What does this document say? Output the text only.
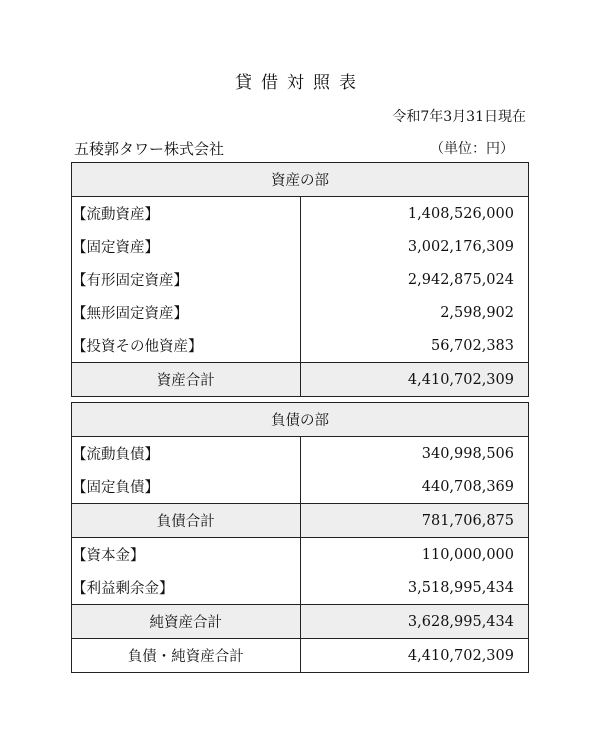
貸借対照表
令和7年3月31日現在
五稜郭タワー株式会社	（単位：円）
資産の部	
【流動資産】	1,408,526,000
【固定資産】	3,002,176,309
【有形固定資産】	2,942,875,024
【無形固定資産】	2,598,902
【投資その他資産】	56,702,383
資産合計	4,410,702,309
負債の部	
【流動負債】	340,998,506
【固定負債】	440,708,369
負債合計	781,706,875
【資本金】	110,000,000
【利益剰余金】	3,518,995,434
純資産合計	3,628,995,434
負債・純資産合計	4,410,702,309
